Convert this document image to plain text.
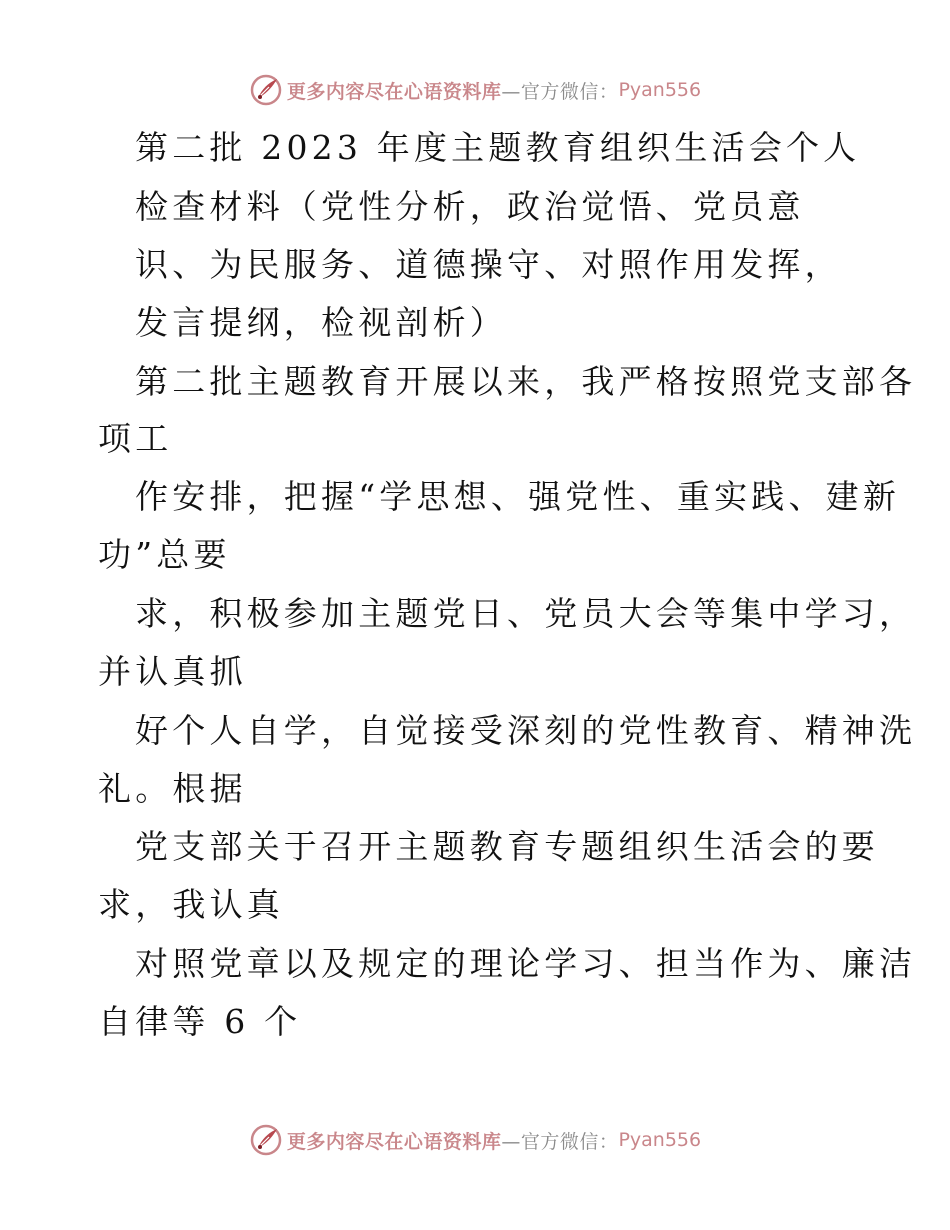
更多内容尽在心语资料库 —官方微信： Pyan556
第二批 2023 年度主题教育组织生活会个人
检查材料（党性分析，政治觉悟、党员意
识、为民服务、道德操守、对照作用发挥，
发言提纲，检视剖析）
第二批主题教育开展以来，我严格按照党支部各
项工
作安排，把握“学思想、强党性、重实践、建新
功”总要
求，积极参加主题党日、党员大会等集中学习，
并认真抓
好个人自学，自觉接受深刻的党性教育、精神洗
礼。根据
党支部关于召开主题教育专题组织生活会的要
求，我认真
对照党章以及规定的理论学习、担当作为、廉洁
自律等 6 个
更多内容尽在心语资料库 —官方微信： Pyan556
